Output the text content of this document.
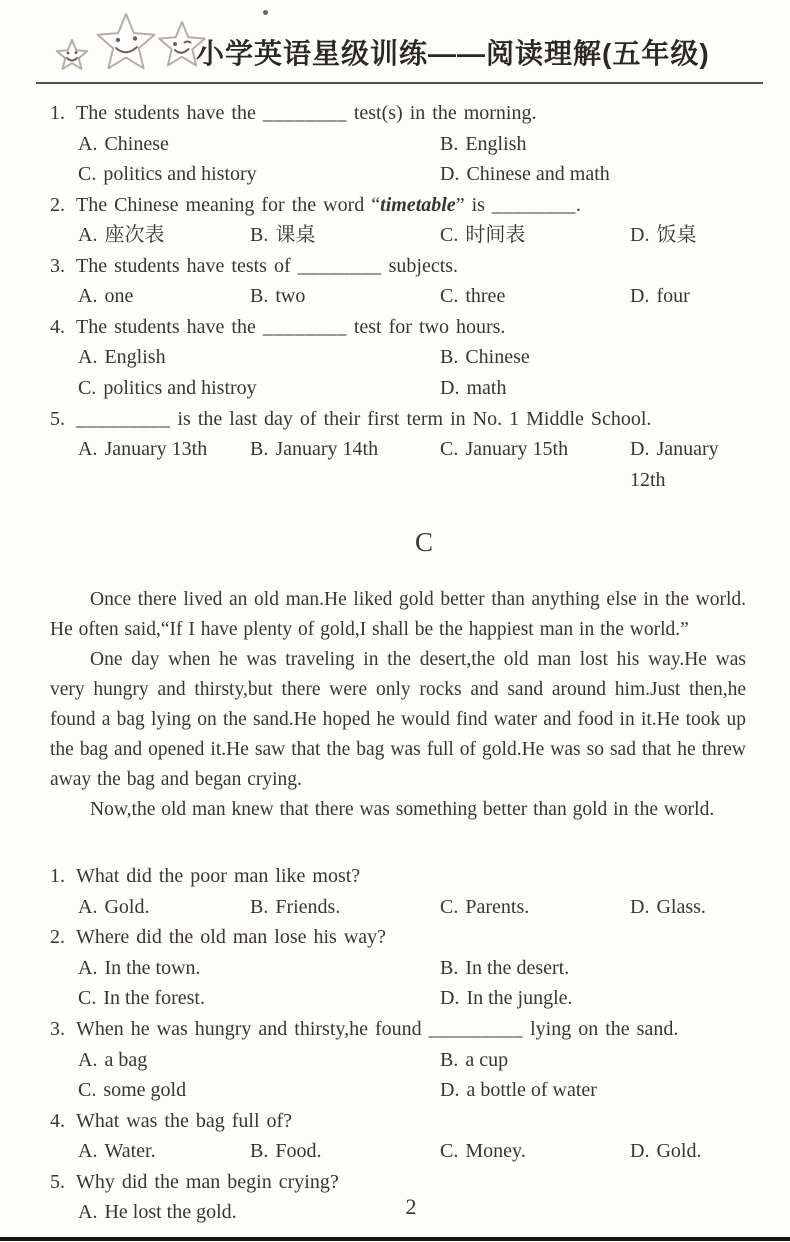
小学英语星级训练——阅读理解(五年级)
1. The students have the ________ test(s) in the morning.
A. Chinese	B. English
C. politics and history	D. Chinese and math
2. The Chinese meaning for the word “timetable” is ________.
A. 座次表	B. 课桌	C. 时间表	D. 饭桌
3. The students have tests of ________ subjects.
A. one	B. two	C. three	D. four
4. The students have the ________ test for two hours.
A. English	B. Chinese
C. politics and histroy	D. math
5. _________ is the last day of their first term in No. 1 Middle School.
A. January 13th	B. January 14th	C. January 15th	D. January 12th
C

Once there lived an old man.He liked gold better than anything else in the world. He often said,“If I have plenty of gold,I shall be the happiest man in the world.”

One day when he was traveling in the desert,the old man lost his way.He was very hungry and thirsty,but there were only rocks and sand around him.Just then,he found a bag lying on the sand.He hoped he would find water and food in it.He took up the bag and opened it.He saw that the bag was full of gold.He was so sad that he threw away the bag and began crying.

Now,the old man knew that there was something better than gold in the world.

1. What did the poor man like most?
A. Gold.	B. Friends.	C. Parents.	D. Glass.
2. Where did the old man lose his way?
A. In the town.	B. In the desert.
C. In the forest.	D. In the jungle.
3. When he was hungry and thirsty,he found _________ lying on the sand.
A. a bag	B. a cup
C. some gold	D. a bottle of water
4. What was the bag full of?
A. Water.	B. Food.	C. Money.	D. Gold.
5. Why did the man begin crying?
A. He lost the gold.	2
